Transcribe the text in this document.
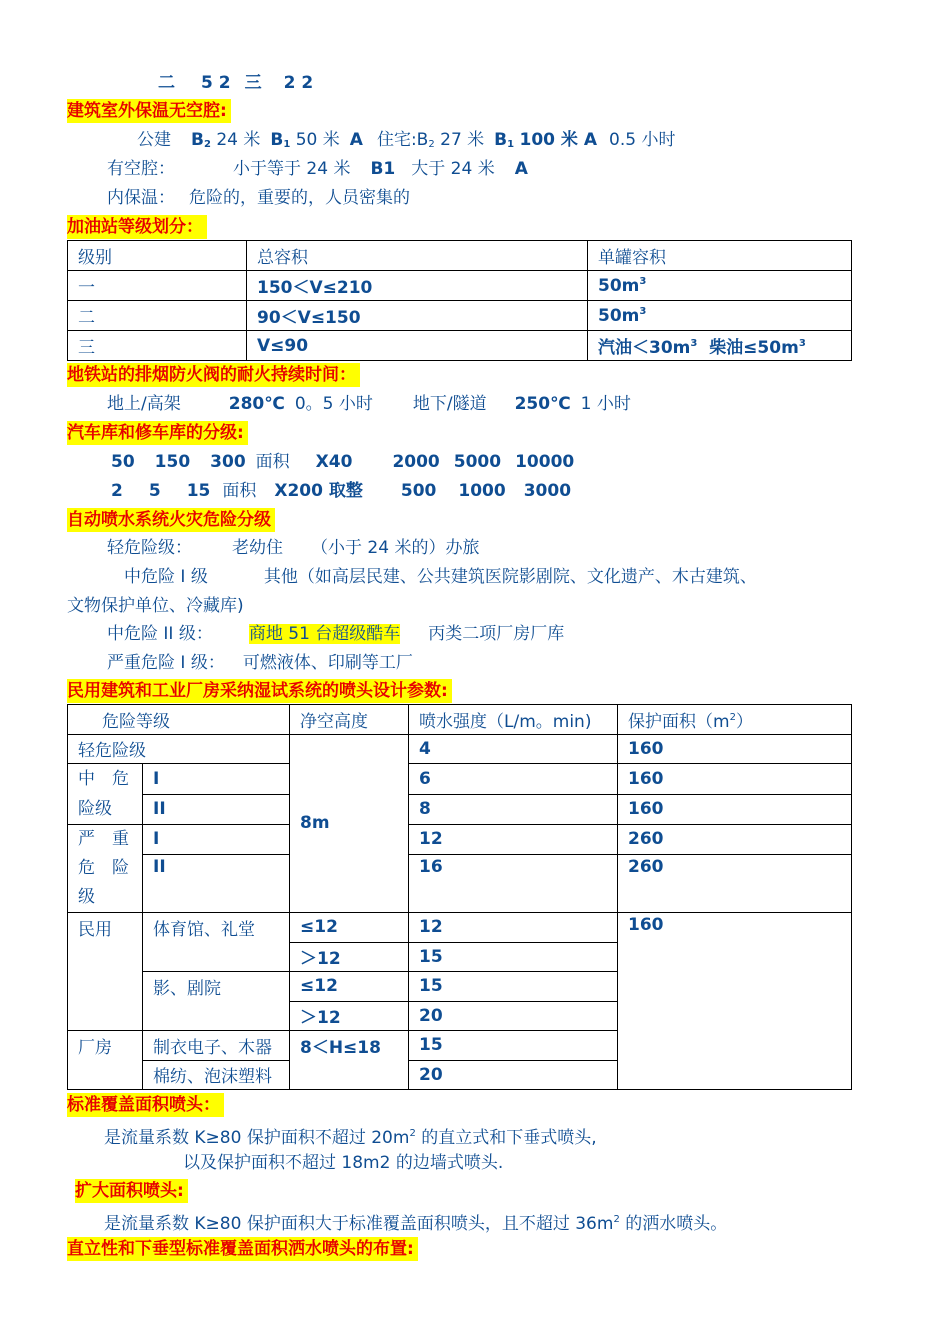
二 5 2 三 2 2
建筑室外保温无空腔:
公建 $B_2$ 24 米 $B_1$ 50 米 A 住宅$:B_2$ 27 米 $B_1$ 100 米 A 0.5 小时
有空腔：	小于等于 24 米 B1 大于 24 米 A
内保温： 危险的，重要的，人员密集的
加油站等级划分：
级别	总容积	单罐容积
一	150＜V≤210	$50m^3$
二	90＜V≤150	$50m^3$
三	V≤90	汽油$<30m^3$ 柴油$\le 50m^3$
地铁站的排烟防火阀的耐火持续时间：
地上/高架	280℃ 0。5 小时 地下/隧道 250℃ 1 小时
汽车库和修车库的分级:
50 150 300 面积 X40 2000 5000 10000
2 5 15 面积 X200 取整 500 1000 3000
自动喷水系统火灾危险分级
轻危险级： 老幼住 （小于 24 米的）办旅
中危险 I 级	其他（如高层民建、公共建筑医院影剧院、文化遗产、木古建筑、
文物保护单位、冷藏库)
中危险 II 级： 商地 51 台超级酷车 丙类二项厂房厂库
严重危险 I 级： 可燃液体、印刷等工厂
民用建筑和工业厂房采纳湿试系统的喷头设计参数:
危险等级		净空高度	喷水强度（L/m。min)	保护面积$(m^2)$
轻危险级		8m	4	160

中　危
险级	I		6	160
	II		8	160

严　重
危　险
级	I		12	260
	II		16	260

民用	体育馆、礼堂	≤12	12	160
		＞12	15	
	影、剧院	≤12	15	
		＞12	20	
厂房	制衣电子、木器	8＜H≤18	15	
	棉纺、泡沫塑料		20	
标准覆盖面积喷头：
是流量系数 K≥80 保护面积不超过 $20m^2$ 的直立式和下垂式喷头,
以及保护面积不超过 18m2 的边墙式喷头.
扩大面积喷头:
是流量系数 K≥80 保护面积大于标准覆盖面积喷头，且不超过 $36m^2$ 的洒水喷头。
直立性和下垂型标准覆盖面积洒水喷头的布置:
